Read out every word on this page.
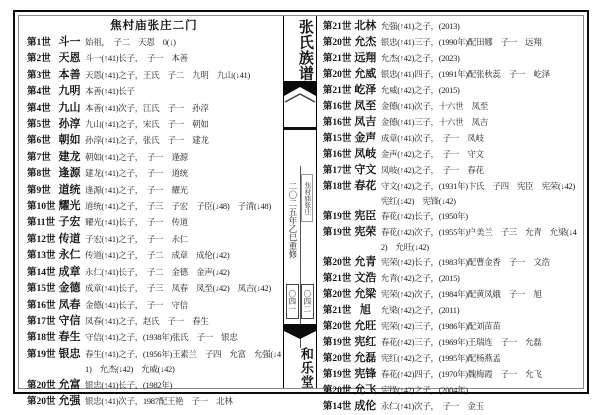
焦村庙张庄二门
第1世 斗一 始祖，　子二　天恩　0(↓)
第2世 天恩 斗一(↑41)长子，　子一　本善
第3世 本善 天恩(↑41)之子，王氏　子二　九明　九山(↓41)
第4世 九明 本善(↑41)长子
第4世 九山 本善(↑41)次子，江氏　子一　孙淳
第5世 孙淳 九山(↑41)之子，宋氏　子一　朝如
第6世 朝如 孙淳(↑41)之子，张氏　子一　建龙
第7世 建龙 朝如(↑41)之子，　子一　逢源
第8世 逢源 建龙(↑41)之子，　子一　道统
第9世 道统 逢源(↑41)之子，　子一　耀光
第10世 耀光 道统(↑41)之子，　子三　子宏　子臣(↓48)　子清(↓48)
第11世 子宏 耀光(↑41)长子，　子一　传道
第12世 传道 子宏(↑41)之子，　子一　永仁
第13世 永仁 传道(↑41)之子，　子二　成章　成伦(↓42)
第14世 成章 永仁(↑41)长子，　子二　金德　金声(↓42)
第15世 金德 成章(↑41)长子，　子三　凤春　凤至(↓42)　凤吉(↓42)
第16世 凤春 金德(↑41)长子，　子一　守信
第17世 守信 凤春(↑41)之子，赵氏　子一　春生
第18世 春生 守信(↑41)之子，(1938年)张氏　子一　银忠
第19世 银忠 春生(↑41)之子，(1956年)王素兰　子四　允富　允强(↓4
1)　允杰(↓42)　允威(↓42)
第20世 允富 银忠(↑41)长子，(1982年)
第20世 允强 银忠(↑41)次子，1987配王艳　子一　北林
张氏族谱
二〇二五年乙巳重修 焦村庙张庄
〇四一 〇四二
和乐堂
第21世 北林 允强(↑41)之子，(2013)
第20世 允杰 银忠(↑41)三子，(1990年)配田娜　子一　远翔
第21世 远翔 允杰(↑42)之子，(2023)
第20世 允威 银忠(↑41)四子，(1991年)配张秋蕊　子一　屹泽
第21世 屹泽 允威(↑42)之子，(2015)
第16世 凤至 金德(↑41)次子，十六世　凤至
第16世 凤吉 金德(↑41)三子，十六世　凤吉
第15世 金声 成章(↑41)次子，　子一　凤岐
第16世 凤岐 金声(↑42)之子，　子一　守文
第17世 守文 凤岐(↑42)之子，　子一　春花
第18世 春花 守文(↑42)之子，(1931年)卞氏　子四　宪臣　宪荣(↓42)
宪红(↓42)　宪锋(↓42)
第19世 宪臣 春花(↑42)长子，(1950年)
第19世 宪荣 春花(↑42)次子，(1955年)户美兰　子三　允青　允梁(↓4
2)　允旺(↓42)
第20世 允青 宪荣(↑42)长子，(1983年)配曹金香　子一　文浩
第21世 文浩 允青(↑42)之子，(2015)
第20世 允梁 宪荣(↑42)次子，(1984年)配黄凤娥　子一　旭
第21世 旭	允梁(↑42)之子，(2011)
第20世 允旺 宪荣(↑42)三子，(1986年)配刘苗苗
第19世 宪红 春花(↑42)三子，(1969年)王瑞连　子一　允磊
第20世 允磊 宪红(↑42)之子，(1995年)配杨燕孟
第19世 宪锋 春花(↑42)四子，(1970年)魏梅霞　子一　允飞
第20世 允飞 宪锋(↑42)之子，(2004年)
第14世 成伦 永仁(↑41)次子，　子一　金玉
